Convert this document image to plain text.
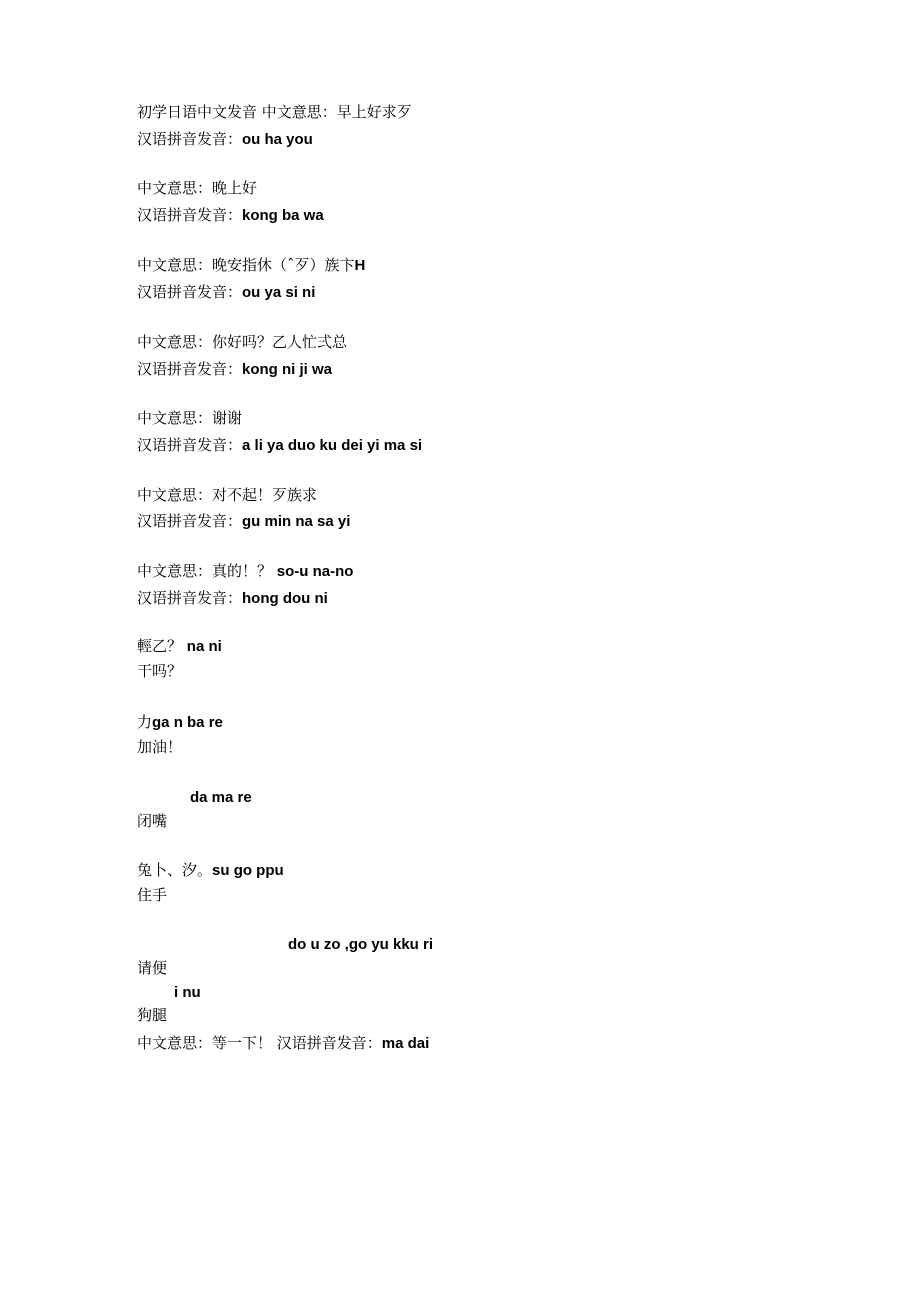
初学日语中文发音 中文意思：早上好求歹

汉语拼音发音：ou ha you

中文意思：晚上好

汉语拼音发音：kong ba wa

中文意思：晚安指休（ˆ歹）族卞H

汉语拼音发音：ou ya si ni

中文意思：你好吗？乙人忙弍总

汉语拼音发音：kong ni ji wa

中文意思：谢谢

汉语拼音发音：a li ya duo ku dei yi ma si

中文意思：对不起！歹族求

汉语拼音发音：gu min na sa yi

中文意思：真的！？ so-u na-no

汉语拼音发音：hong dou ni

輕乙？ na ni

干吗？

力ga n ba re

加油！

da ma re

闭嘴

兔卜、汐。su go ppu

住手

do u zo ,go yu kku ri

请便

i nu

狗腿

中文意思：等一下！ 汉语拼音发音：ma dai
